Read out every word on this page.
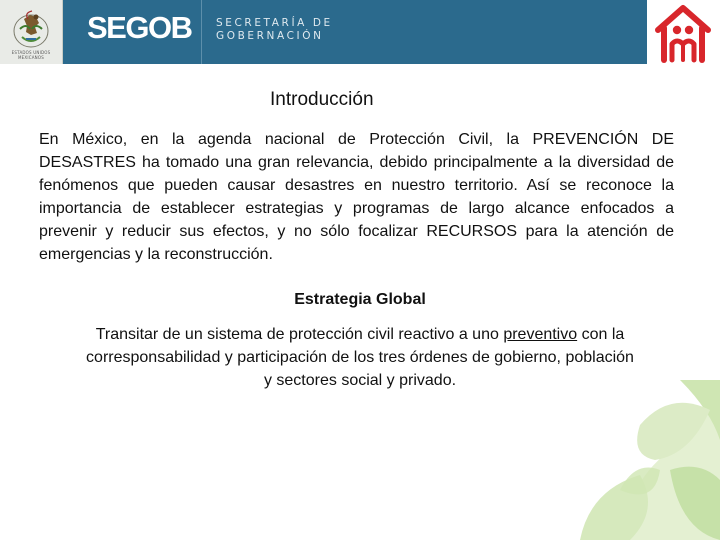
ESTADOS UNIDOS MEXICANOS
SEGOB SECRETARÍA DE
GOBERNACIÓN
Introducción
En México, en la agenda nacional de Protección Civil, la PREVENCIÓN DE DESASTRES ha tomado una gran relevancia, debido principalmente a la diversidad de fenómenos que pueden causar desastres en nuestro territorio. Así se reconoce la importancia de establecer estrategias y programas de largo alcance enfocados a prevenir y reducir sus efectos, y no sólo focalizar RECURSOS para la atención de emergencias y la reconstrucción.
Estrategia Global
Transitar de un sistema de protección civil reactivo a uno preventivo con la corresponsabilidad y participación de los tres órdenes de gobierno, población y sectores social y privado.
